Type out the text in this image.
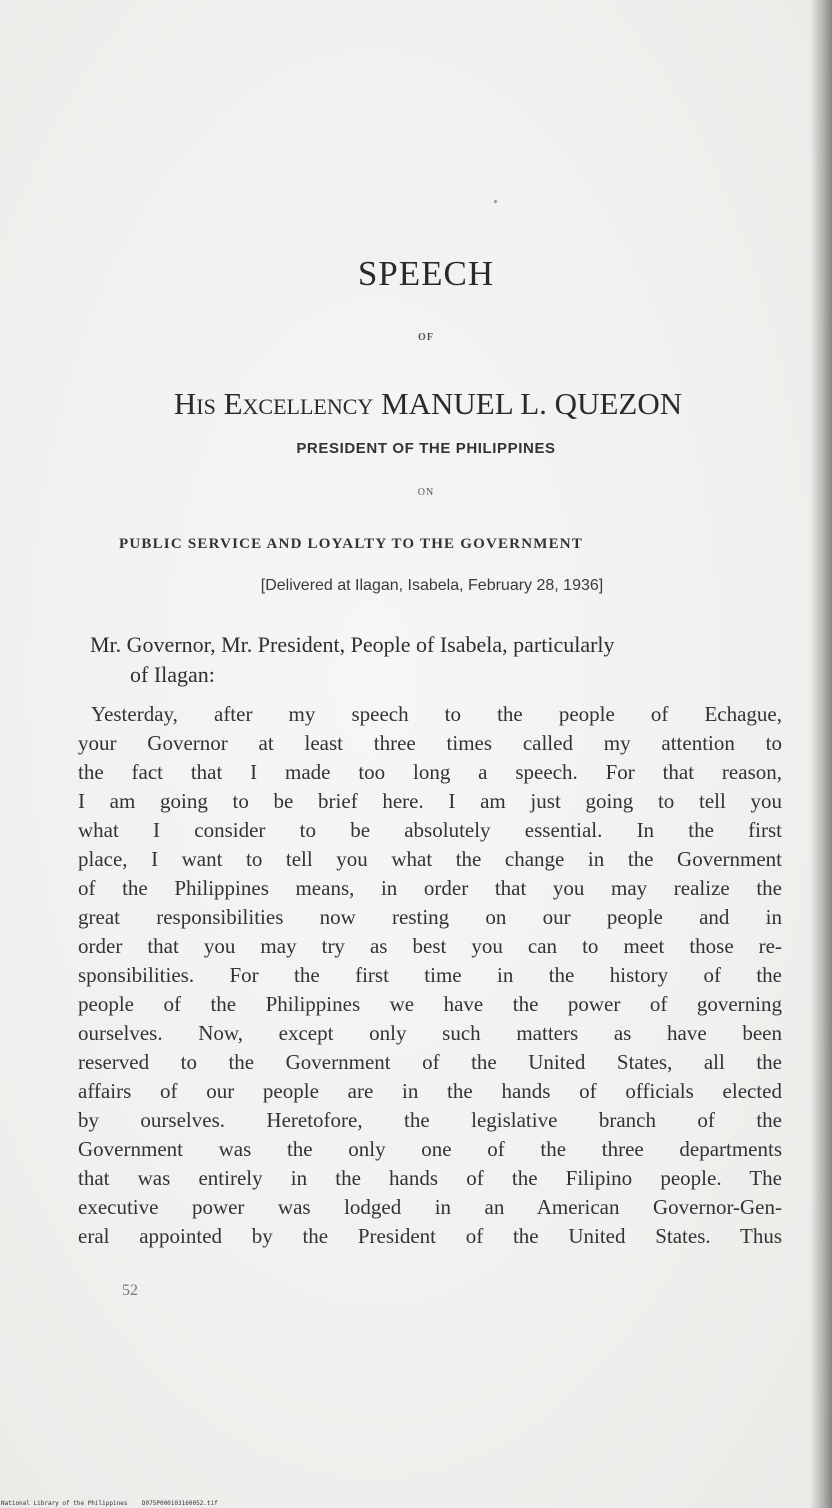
SPEECH
OF
His Excellency MANUEL L. QUEZON
PRESIDENT OF THE PHILIPPINES
ON
PUBLIC SERVICE AND LOYALTY TO THE GOVERNMENT
[Delivered at Ilagan, Isabela, February 28, 1936]
Mr. Governor, Mr. President, People of Isabela, particularly
of Ilagan:
Yesterday, after my speech to the people of Echague,
your Governor at least three times called my attention to
the fact that I made too long a speech. For that reason,
I am going to be brief here. I am just going to tell you
what I consider to be absolutely essential. In the first
place, I want to tell you what the change in the Government
of the Philippines means, in order that you may realize the
great responsibilities now resting on our people and in
order that you may try as best you can to meet those re-
sponsibilities. For the first time in the history of the
people of the Philippines we have the power of governing
ourselves. Now, except only such matters as have been
reserved to the Government of the United States, all the
affairs of our people are in the hands of officials elected
by ourselves. Heretofore, the legislative branch of the
Government was the only one of the three departments
that was entirely in the hands of the Filipino people. The
executive power was lodged in an American Governor-Gen-
eral appointed by the President of the United States. Thus
52
National Library of the Philippines D075P000103160052.tif
